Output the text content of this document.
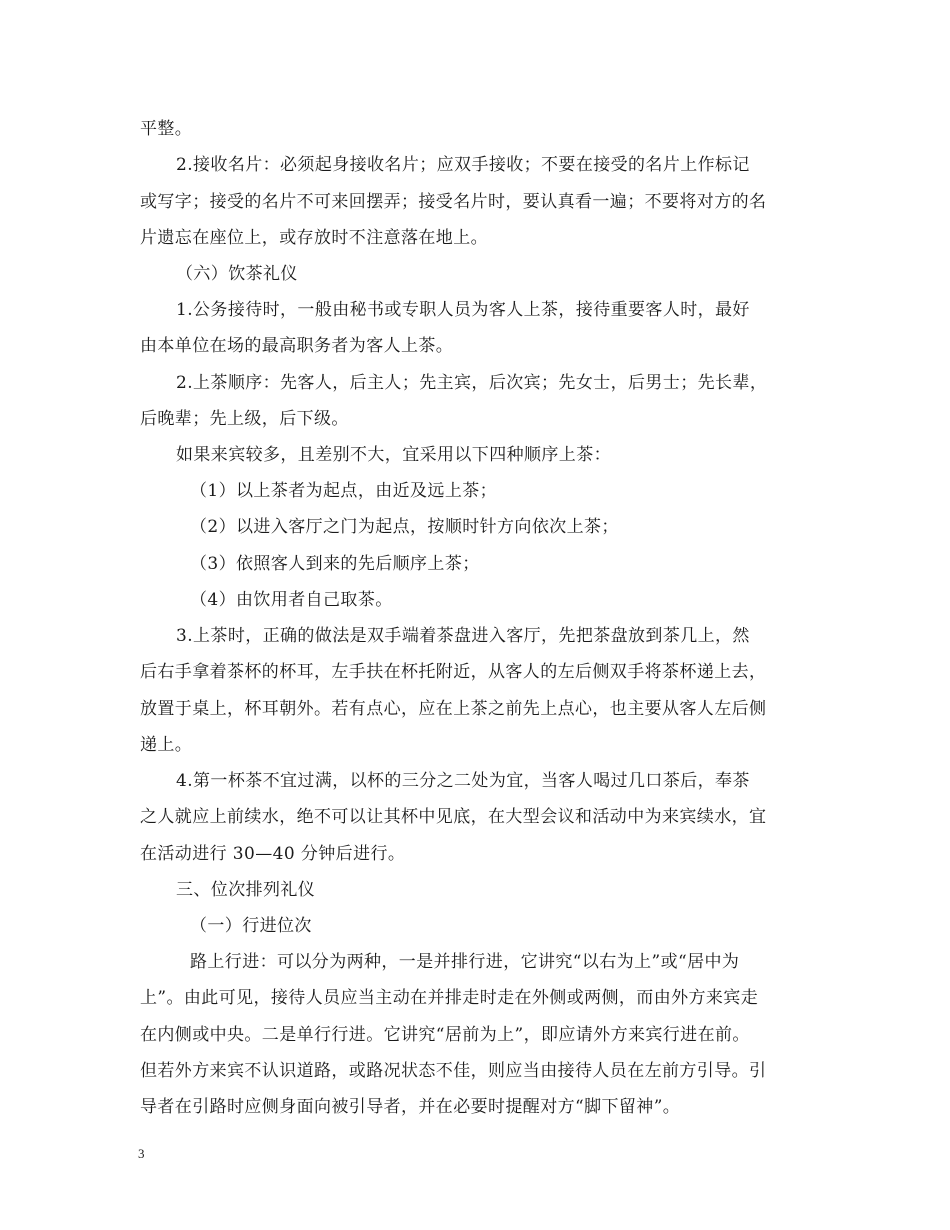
平整。
2.接收名片：必须起身接收名片；应双手接收；不要在接受的名片上作标记
或写字；接受的名片不可来回摆弄；接受名片时，要认真看一遍；不要将对方的名
片遗忘在座位上，或存放时不注意落在地上。
（六）饮茶礼仪
1.公务接待时，一般由秘书或专职人员为客人上茶，接待重要客人时，最好
由本单位在场的最高职务者为客人上茶。
2.上茶顺序：先客人，后主人；先主宾，后次宾；先女士，后男士；先长辈，
后晚辈；先上级，后下级。
如果来宾较多，且差别不大，宜采用以下四种顺序上茶：
（1）以上茶者为起点，由近及远上茶；
（2）以进入客厅之门为起点，按顺时针方向依次上茶；
（3）依照客人到来的先后顺序上茶；
（4）由饮用者自己取茶。
3.上茶时，正确的做法是双手端着茶盘进入客厅，先把茶盘放到茶几上，然
后右手拿着茶杯的杯耳，左手扶在杯托附近，从客人的左后侧双手将茶杯递上去，
放置于桌上，杯耳朝外。若有点心，应在上茶之前先上点心，也主要从客人左后侧
递上。
4.第一杯茶不宜过满，以杯的三分之二处为宜，当客人喝过几口茶后，奉茶
之人就应上前续水，绝不可以让其杯中见底，在大型会议和活动中为来宾续水，宜
在活动进行 30—40 分钟后进行。
三、位次排列礼仪
（一）行进位次
路上行进：可以分为两种，一是并排行进，它讲究“以右为上”或“居中为
上”。由此可见，接待人员应当主动在并排走时走在外侧或两侧，而由外方来宾走
在内侧或中央。二是单行行进。它讲究“居前为上”，即应请外方来宾行进在前。
但若外方来宾不认识道路，或路况状态不佳，则应当由接待人员在左前方引导。引
导者在引路时应侧身面向被引导者，并在必要时提醒对方“脚下留神”。
3
